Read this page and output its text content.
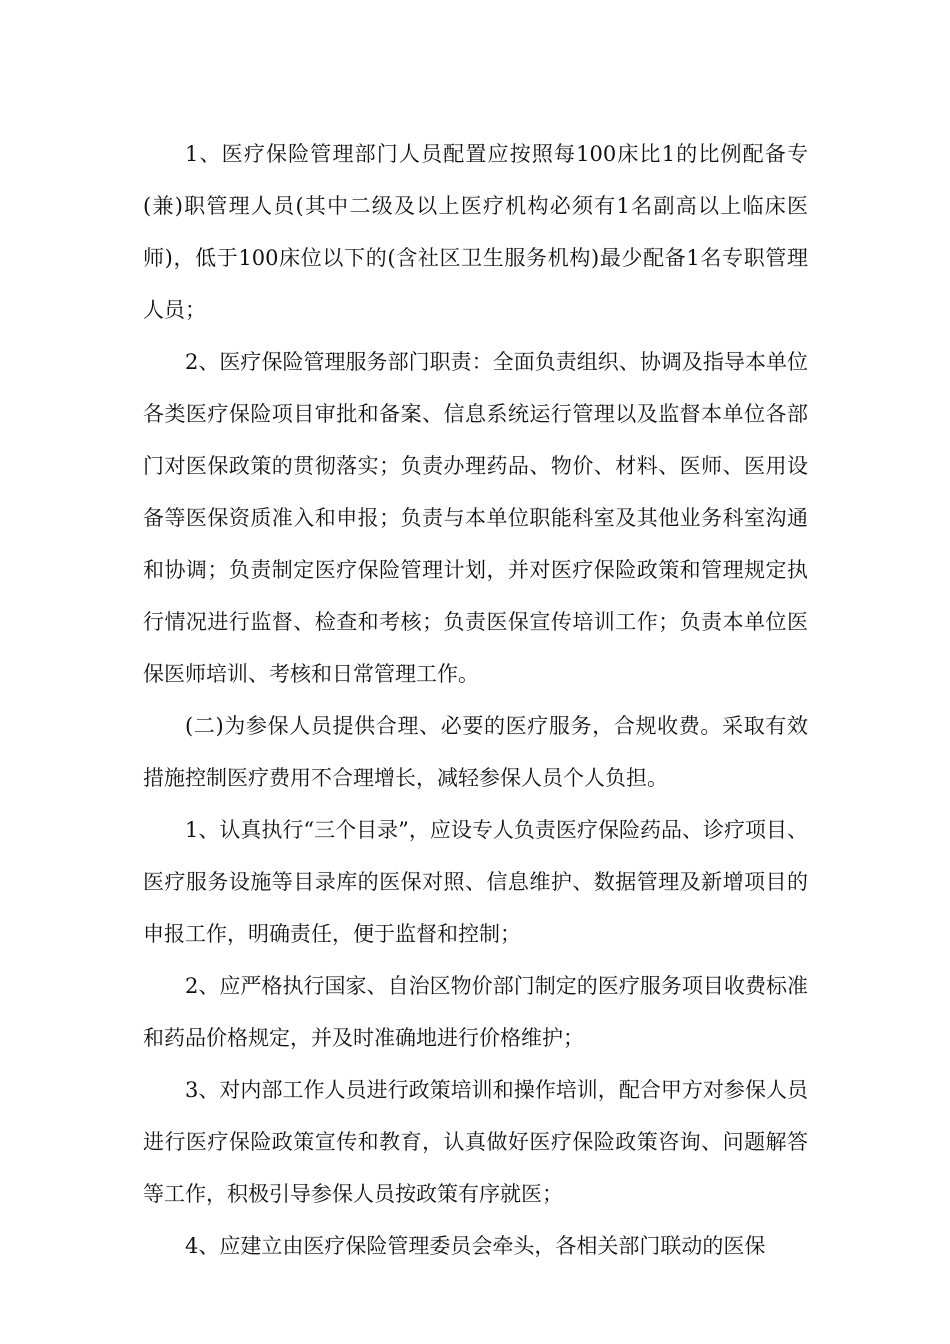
1、医疗保险管理部门人员配置应按照每100床比1的比例配备专(兼)职管理人员(其中二级及以上医疗机构必须有1名副高以上临床医师)，低于100床位以下的(含社区卫生服务机构)最少配备1名专职管理人员；

2、医疗保险管理服务部门职责：全面负责组织、协调及指导本单位各类医疗保险项目审批和备案、信息系统运行管理以及监督本单位各部门对医保政策的贯彻落实；负责办理药品、物价、材料、医师、医用设备等医保资质准入和申报；负责与本单位职能科室及其他业务科室沟通和协调；负责制定医疗保险管理计划，并对医疗保险政策和管理规定执行情况进行监督、检查和考核；负责医保宣传培训工作；负责本单位医保医师培训、考核和日常管理工作。

(二)为参保人员提供合理、必要的医疗服务，合规收费。采取有效措施控制医疗费用不合理增长，减轻参保人员个人负担。

1、认真执行“三个目录”，应设专人负责医疗保险药品、诊疗项目、医疗服务设施等目录库的医保对照、信息维护、数据管理及新增项目的申报工作，明确责任，便于监督和控制；

2、应严格执行国家、自治区物价部门制定的医疗服务项目收费标准和药品价格规定，并及时准确地进行价格维护；

3、对内部工作人员进行政策培训和操作培训，配合甲方对参保人员进行医疗保险政策宣传和教育，认真做好医疗保险政策咨询、问题解答等工作，积极引导参保人员按政策有序就医；

4、应建立由医疗保险管理委员会牵头，各相关部门联动的医保
